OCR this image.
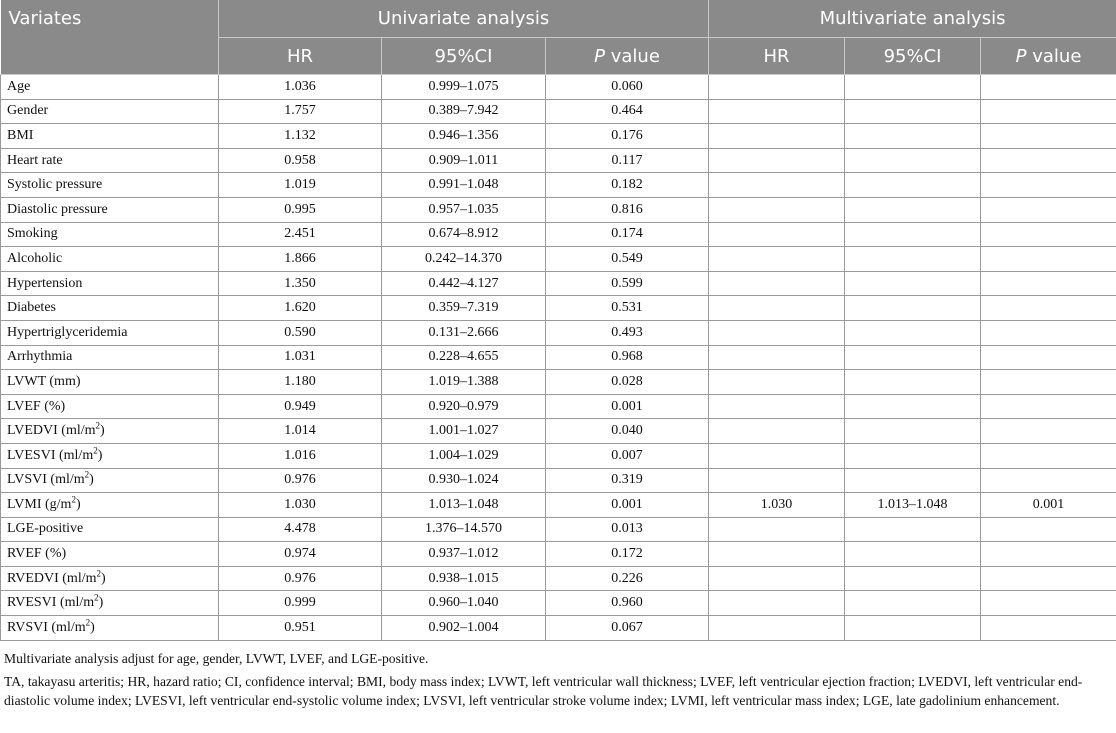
Variates	Univariate analysis			Multivariate analysis		
	HR	95%CI	P value	HR	95%CI	P value
Age	1.036	0.999–1.075	0.060			
Gender	1.757	0.389–7.942	0.464			
BMI	1.132	0.946–1.356	0.176			
Heart rate	0.958	0.909–1.011	0.117			
Systolic pressure	1.019	0.991–1.048	0.182			
Diastolic pressure	0.995	0.957–1.035	0.816			
Smoking	2.451	0.674–8.912	0.174			
Alcoholic	1.866	0.242–14.370	0.549			
Hypertension	1.350	0.442–4.127	0.599			
Diabetes	1.620	0.359–7.319	0.531			
Hypertriglyceridemia	0.590	0.131–2.666	0.493			
Arrhythmia	1.031	0.228–4.655	0.968			
LVWT (mm)	1.180	1.019–1.388	0.028			
LVEF (%)	0.949	0.920–0.979	0.001			
LVEDVI $(ml/m^2)$	1.014	1.001–1.027	0.040			
LVESVI $(ml/m^2)$	1.016	1.004–1.029	0.007			
LVSVI $(ml/m^2)$	0.976	0.930–1.024	0.319			
LVMI $(g/m^2)$	1.030	1.013–1.048	0.001	1.030	1.013–1.048	0.001
LGE-positive	4.478	1.376–14.570	0.013			
RVEF (%)	0.974	0.937–1.012	0.172			
RVEDVI $(ml/m^2)$	0.976	0.938–1.015	0.226			
RVESVI $(ml/m^2)$	0.999	0.960–1.040	0.960			
RVSVI $(ml/m^2)$	0.951	0.902–1.004	0.067			

Multivariate analysis adjust for age, gender, LVWT, LVEF, and LGE-positive.

TA, takayasu arteritis; HR, hazard ratio; CI, confidence interval; BMI, body mass index; LVWT, left ventricular wall thickness; LVEF, left ventricular ejection fraction; LVEDVI, left ventricular end-diastolic volume index; LVESVI, left ventricular end-systolic volume index; LVSVI, left ventricular stroke volume index; LVMI, left ventricular mass index; LGE, late gadolinium enhancement.
